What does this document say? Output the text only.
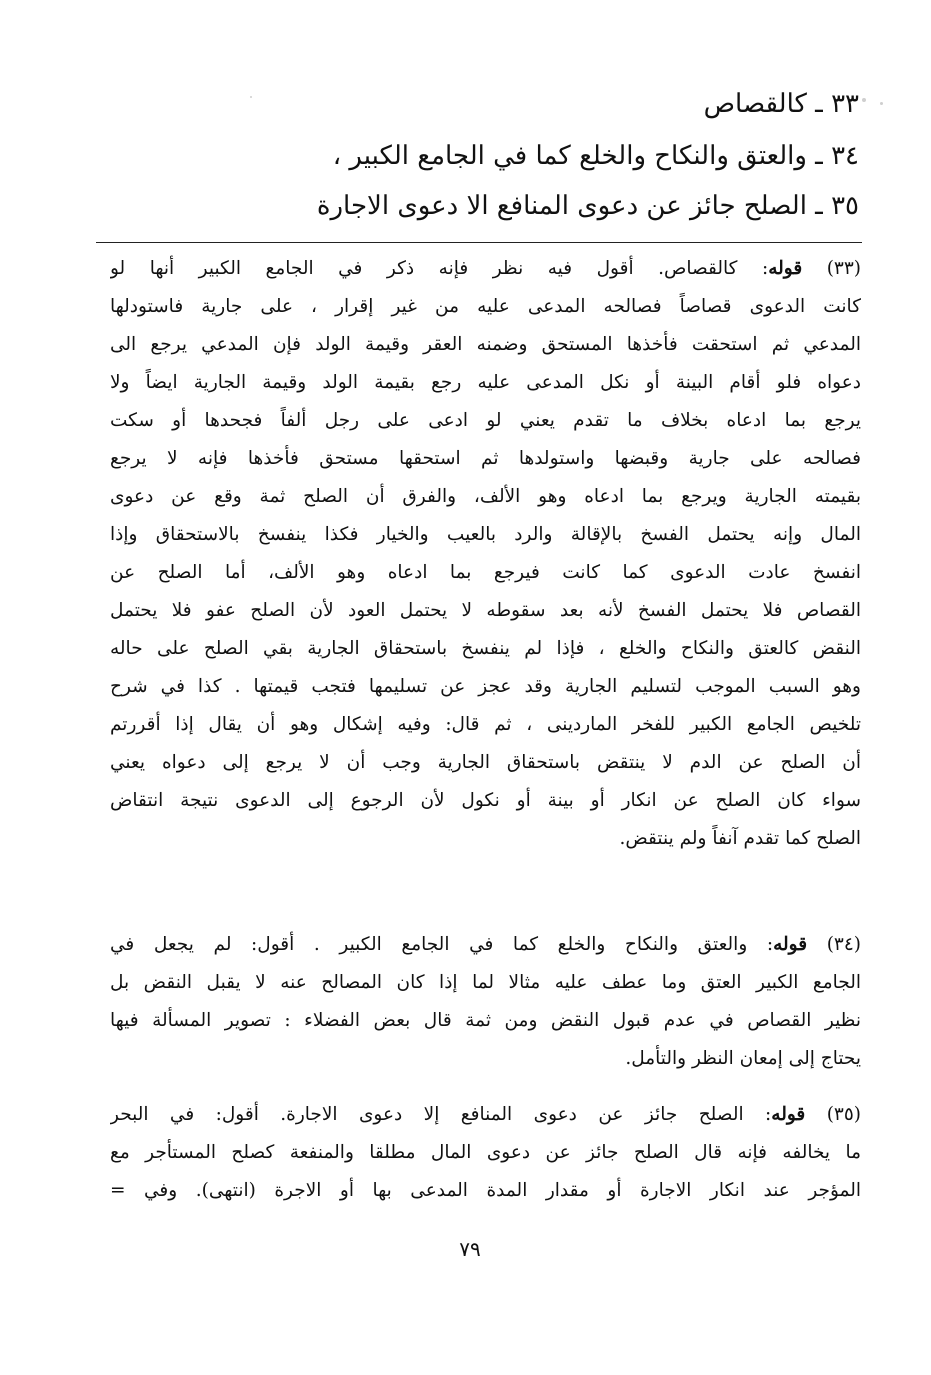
٣٣ ـ كالقصاص
٣٤ ـ والعتق والنكاح والخلع كما في الجامع الكبير ،
٣٥ ـ الصلح جائز عن دعوى المنافع الا دعوى الاجارة
(٣٣) قوله: كالقصاص. أقول فيه نظر فإنه ذكر في الجامع الكبير أنها لو
كانت الدعوى قصاصاً فصالحه المدعى عليه من غير إقرار ، على جارية فاستودلها
المدعي ثم استحقت فأخذها المستحق وضمنه العقر وقيمة الولد فإن المدعي يرجع الى
دعواه فلو أقام البينة أو نكل المدعى عليه رجع بقيمة الولد وقيمة الجارية ايضاً ولا
يرجع بما ادعاه بخلاف ما تقدم يعني لو ادعى على رجل ألفاً فجحدها أو سكت
فصالحه على جارية وقبضها واستولدها ثم استحقها مستحق فأخذها فإنه لا يرجع
بقيمته الجارية ويرجع بما ادعاه وهو الألف، والفرق أن الصلح ثمة وقع عن دعوى
المال وإنه يحتمل الفسخ بالإقالة والرد بالعيب والخيار فكذا ينفسخ بالاستحقاق وإذا
انفسخ عادت الدعوى كما كانت فيرجع بما ادعاه وهو الألف، أما الصلح عن
القصاص فلا يحتمل الفسخ لأنه بعد سقوطه لا يحتمل العود لأن الصلح عفو فلا يحتمل
النقض كالعتق والنكاح والخلع ، فإذا لم ينفسخ باستحقاق الجارية بقي الصلح على حاله
وهو السبب الموجب لتسليم الجارية وقد عجز عن تسليمها فتجب قيمتها . كذا في شرح
تلخيص الجامع الكبير للفخر الماردينى ، ثم قال: وفيه إشكال وهو أن يقال إذا أقررتم
أن الصلح عن الدم لا ينتقض باستحقاق الجارية وجب أن لا يرجع إلى دعواه يعني
سواء كان الصلح عن انكار أو بينة أو نكول لأن الرجوع إلى الدعوى نتيجة انتقاض
الصلح كما تقدم آنفاً ولم ينتقض.
(٣٤) قوله: والعتق والنكاح والخلع كما في الجامع الكبير . أقول: لم يجعل في
الجامع الكبير العتق وما عطف عليه مثالا لما إذا كان المصالح عنه لا يقبل النقض بل
نظير القصاص في عدم قبول النقض ومن ثمة قال بعض الفضلاء : تصوير المسألة فيها
يحتاج إلى إمعان النظر والتأمل.
(٣٥) قوله: الصلح جائز عن دعوى المنافع إلا دعوى الاجارة. أقول: في البحر
ما يخالفه فإنه قال الصلح جائز عن دعوى المال مطلقا والمنفعة كصلح المستأجر مع
المؤجر عند انكار الاجارة أو مقدار المدة المدعى بها أو الاجرة (انتهى). وفي =
٧٩
